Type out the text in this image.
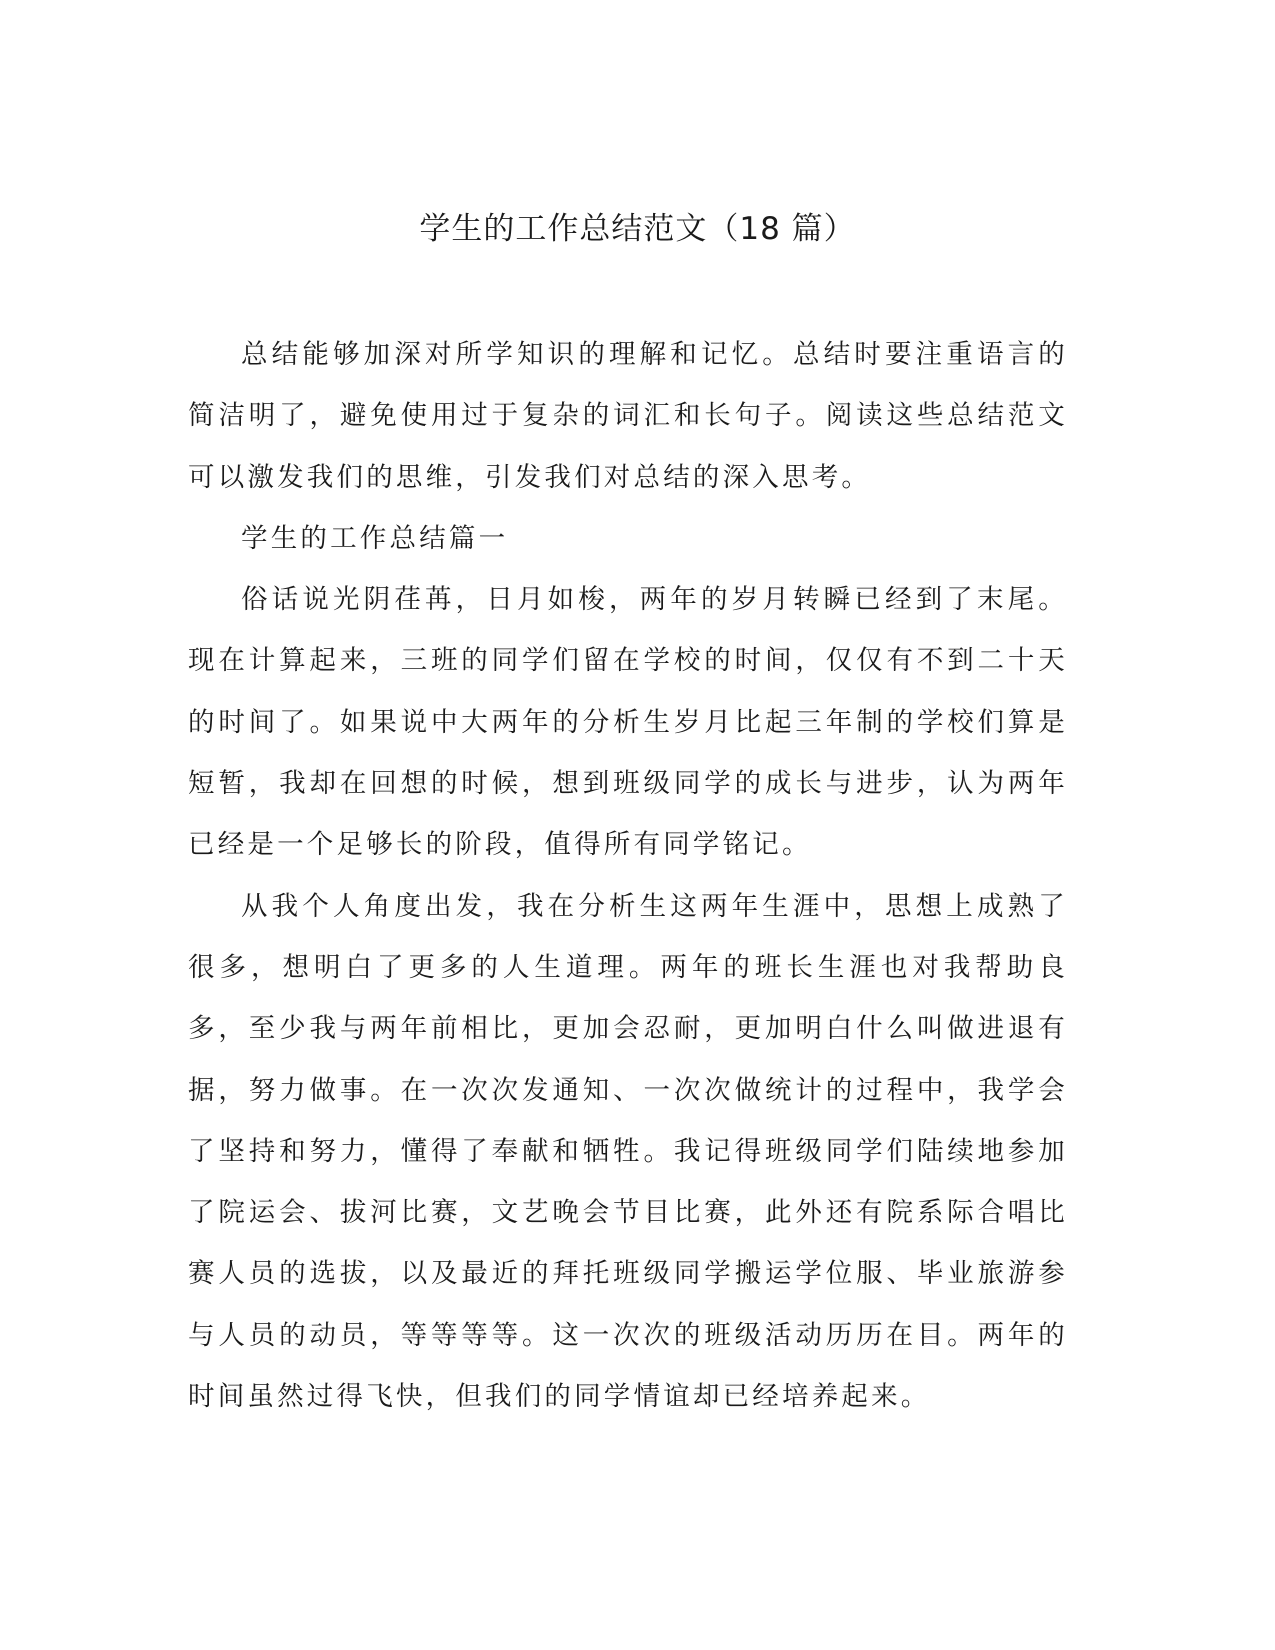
学生的工作总结范文（18 篇）

总结能够加深对所学知识的理解和记忆。总结时要注重语言的简洁明了，避免使用过于复杂的词汇和长句子。阅读这些总结范文可以激发我们的思维，引发我们对总结的深入思考。

学生的工作总结篇一

俗话说光阴荏苒，日月如梭，两年的岁月转瞬已经到了末尾。现在计算起来，三班的同学们留在学校的时间，仅仅有不到二十天的时间了。如果说中大两年的分析生岁月比起三年制的学校们算是短暂，我却在回想的时候，想到班级同学的成长与进步，认为两年已经是一个足够长的阶段，值得所有同学铭记。

从我个人角度出发，我在分析生这两年生涯中，思想上成熟了很多，想明白了更多的人生道理。两年的班长生涯也对我帮助良多，至少我与两年前相比，更加会忍耐，更加明白什么叫做进退有据，努力做事。在一次次发通知、一次次做统计的过程中，我学会了坚持和努力，懂得了奉献和牺牲。我记得班级同学们陆续地参加了院运会、拔河比赛，文艺晚会节目比赛，此外还有院系际合唱比赛人员的选拔，以及最近的拜托班级同学搬运学位服、毕业旅游参与人员的动员，等等等等。这一次次的班级活动历历在目。两年的时间虽然过得飞快，但我们的同学情谊却已经培养起来。
